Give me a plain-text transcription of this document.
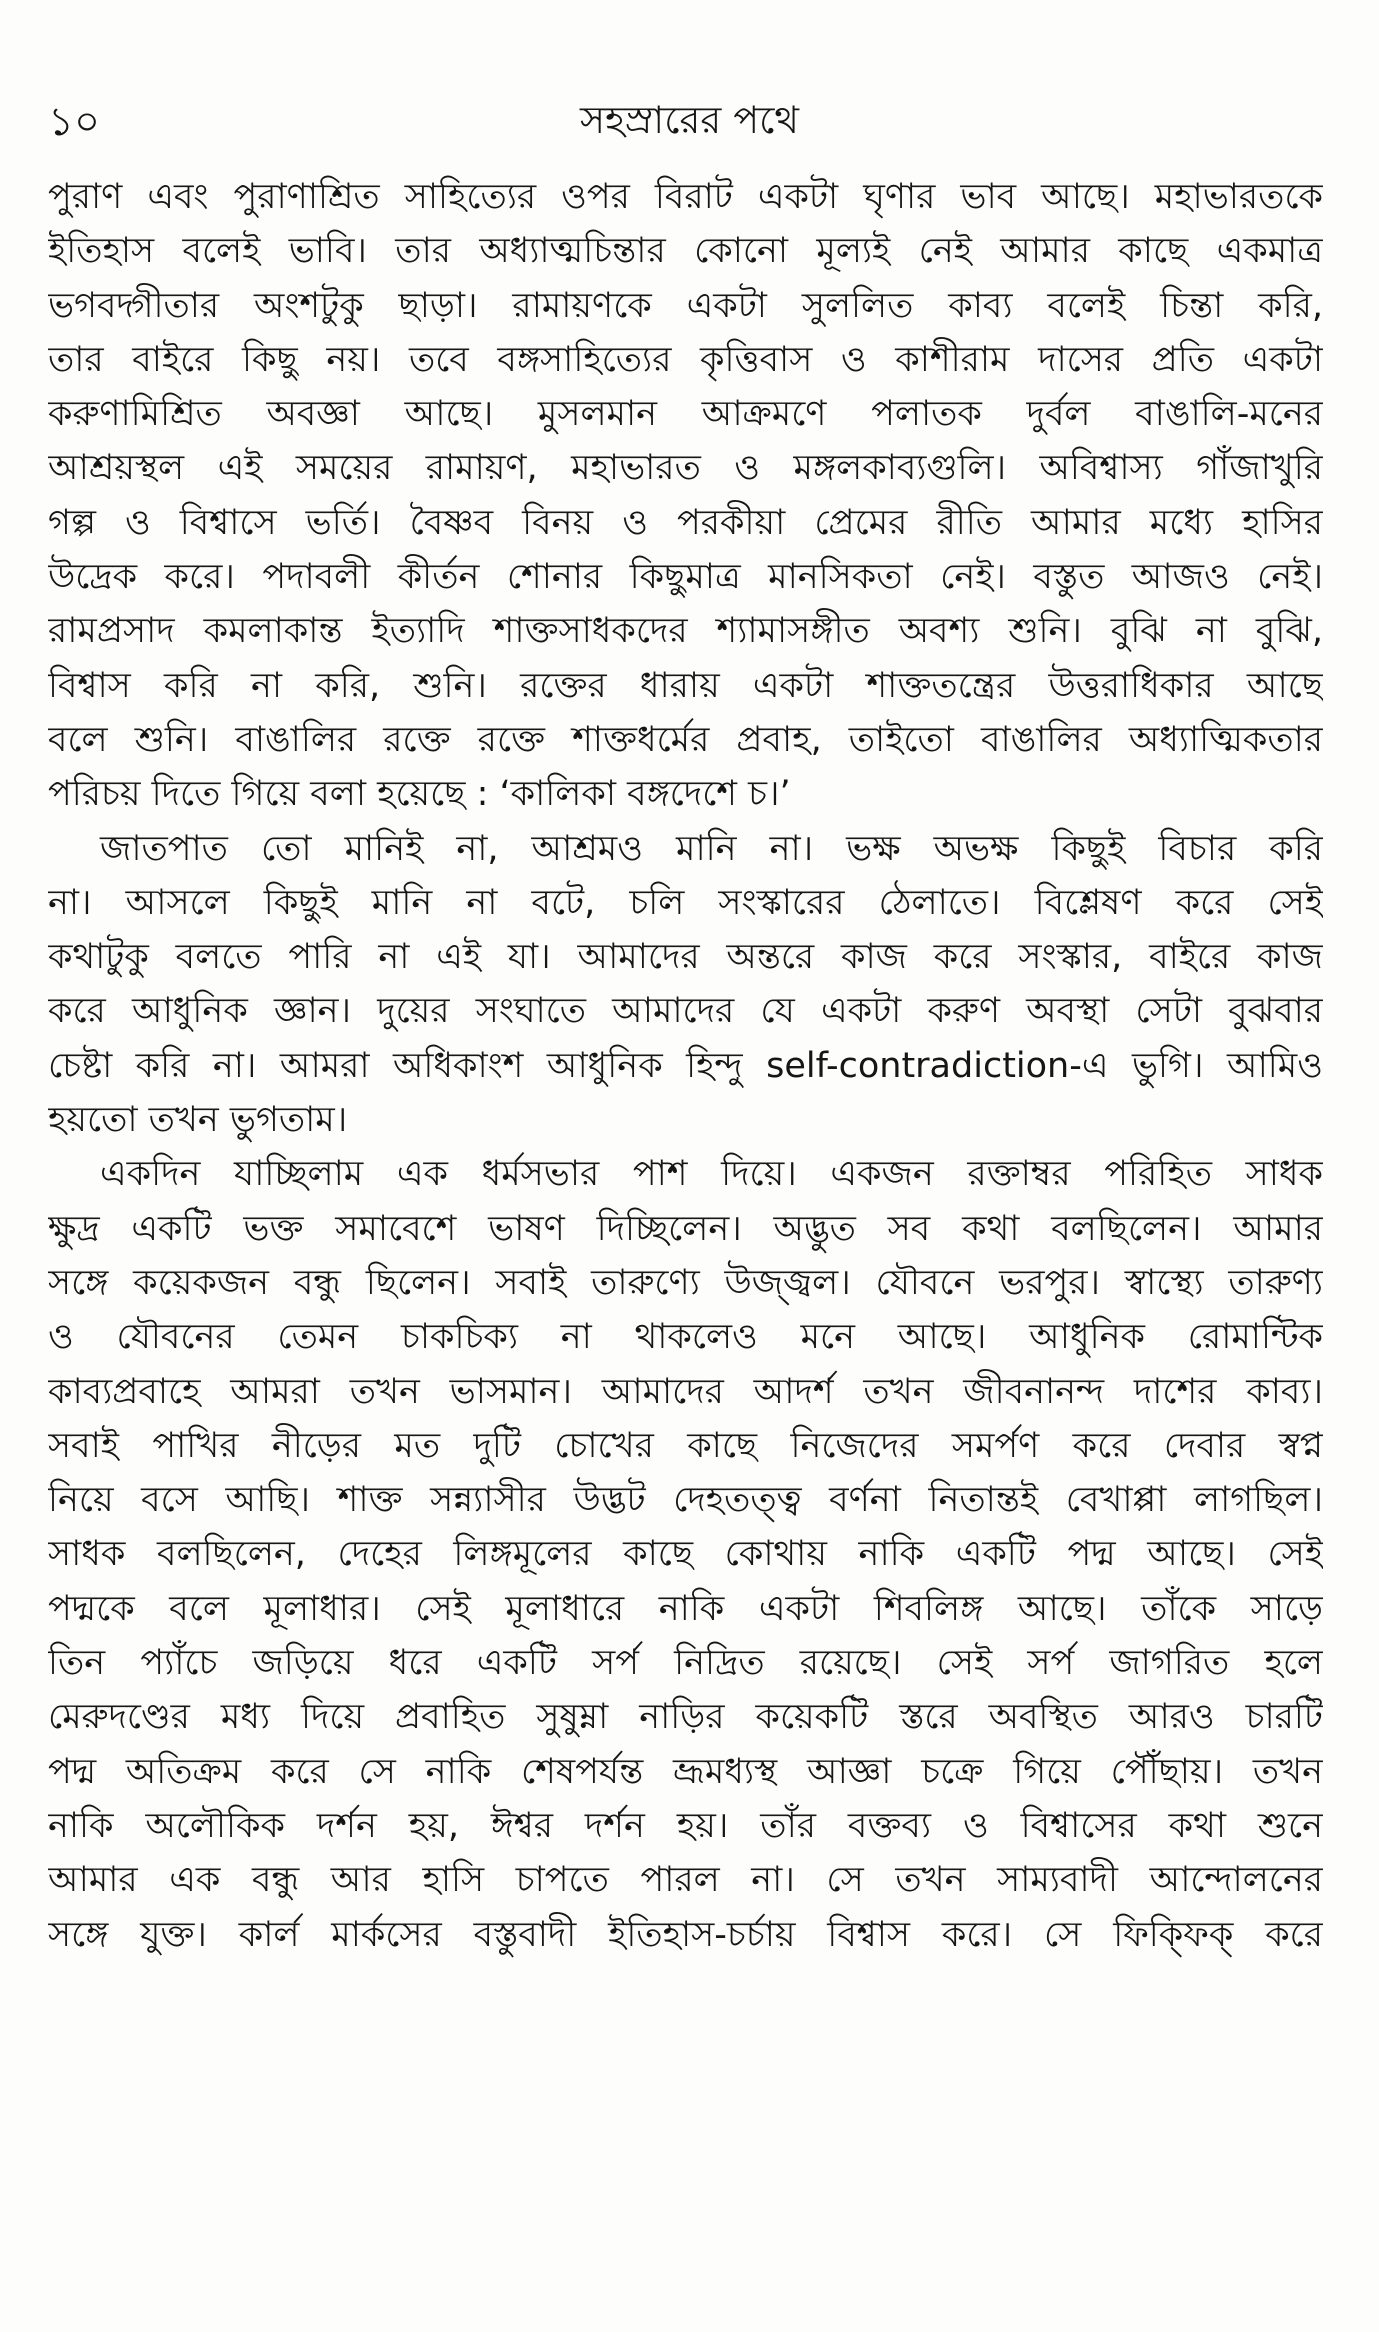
১০	সহস্রারের পথে
পুরাণ এবং পুরাণাশ্রিত সাহিত্যের ওপর বিরাট একটা ঘৃণার ভাব আছে। মহাভারতকে
ইতিহাস বলেই ভাবি। তার অধ্যাত্মচিন্তার কোনো মূল্যই নেই আমার কাছে একমাত্র
ভগবদ্গীতার অংশটুকু ছাড়া। রামায়ণকে একটা সুললিত কাব্য বলেই চিন্তা করি,
তার বাইরে কিছু নয়। তবে বঙ্গসাহিত্যের কৃত্তিবাস ও কাশীরাম দাসের প্রতি একটা
করুণামিশ্রিত অবজ্ঞা আছে। মুসলমান আক্রমণে পলাতক দুর্বল বাঙালি-মনের
আশ্রয়স্থল এই সময়ের রামায়ণ, মহাভারত ও মঙ্গলকাব্যগুলি। অবিশ্বাস্য গাঁজাখুরি
গল্প ও বিশ্বাসে ভর্তি। বৈষ্ণব বিনয় ও পরকীয়া প্রেমের রীতি আমার মধ্যে হাসির
উদ্রেক করে। পদাবলী কীর্তন শোনার কিছুমাত্র মানসিকতা নেই। বস্তুত আজও নেই।
রামপ্রসাদ কমলাকান্ত ইত্যাদি শাক্তসাধকদের শ্যামাসঙ্গীত অবশ্য শুনি। বুঝি না বুঝি,
বিশ্বাস করি না করি, শুনি। রক্তের ধারায় একটা শাক্ততন্ত্রের উত্তরাধিকার আছে
বলে শুনি। বাঙালির রক্তে রক্তে শাক্তধর্মের প্রবাহ, তাইতো বাঙালির অধ্যাত্মিকতার
পরিচয় দিতে গিয়ে বলা হয়েছে : ‘কালিকা বঙ্গদেশে চ।’
জাতপাত তো মানিই না, আশ্রমও মানি না। ভক্ষ অভক্ষ কিছুই বিচার করি
না। আসলে কিছুই মানি না বটে, চলি সংস্কারের ঠেলাতে। বিশ্লেষণ করে সেই
কথাটুকু বলতে পারি না এই যা। আমাদের অন্তরে কাজ করে সংস্কার, বাইরে কাজ
করে আধুনিক জ্ঞান। দুয়ের সংঘাতে আমাদের যে একটা করুণ অবস্থা সেটা বুঝবার
চেষ্টা করি না। আমরা অধিকাংশ আধুনিক হিন্দু self-contradiction-এ ভুগি। আমিও
হয়তো তখন ভুগতাম।
একদিন যাচ্ছিলাম এক ধর্মসভার পাশ দিয়ে। একজন রক্তাম্বর পরিহিত সাধক
ক্ষুদ্র একটি ভক্ত সমাবেশে ভাষণ দিচ্ছিলেন। অদ্ভুত সব কথা বলছিলেন। আমার
সঙ্গে কয়েকজন বন্ধু ছিলেন। সবাই তারুণ্যে উজ্জ্বল। যৌবনে ভরপুর। স্বাস্থ্যে তারুণ্য
ও যৌবনের তেমন চাকচিক্য না থাকলেও মনে আছে। আধুনিক রোমান্টিক
কাব্যপ্রবাহে আমরা তখন ভাসমান। আমাদের আদর্শ তখন জীবনানন্দ দাশের কাব্য।
সবাই পাখির নীড়ের মত দুটি চোখের কাছে নিজেদের সমর্পণ করে দেবার স্বপ্ন
নিয়ে বসে আছি। শাক্ত সন্ন্যাসীর উদ্ভট দেহতত্ত্ব বর্ণনা নিতান্তই বেখাপ্পা লাগছিল।
সাধক বলছিলেন, দেহের লিঙ্গমূলের কাছে কোথায় নাকি একটি পদ্ম আছে। সেই
পদ্মকে বলে মূলাধার। সেই মূলাধারে নাকি একটা শিবলিঙ্গ আছে। তাঁকে সাড়ে
তিন প্যাঁচে জড়িয়ে ধরে একটি সর্প নিদ্রিত রয়েছে। সেই সর্প জাগরিত হলে
মেরুদণ্ডের মধ্য দিয়ে প্রবাহিত সুষুম্না নাড়ির কয়েকটি স্তরে অবস্থিত আরও চারটি
পদ্ম অতিক্রম করে সে নাকি শেষপর্যন্ত ভ্রূমধ্যস্থ আজ্ঞা চক্রে গিয়ে পৌঁছায়। তখন
নাকি অলৌকিক দর্শন হয়, ঈশ্বর দর্শন হয়। তাঁর বক্তব্য ও বিশ্বাসের কথা শুনে
আমার এক বন্ধু আর হাসি চাপতে পারল না। সে তখন সাম্যবাদী আন্দোলনের
সঙ্গে যুক্ত। কার্ল মার্কসের বস্তুবাদী ইতিহাস-চর্চায় বিশ্বাস করে। সে ফিক্ফিক্ করে
